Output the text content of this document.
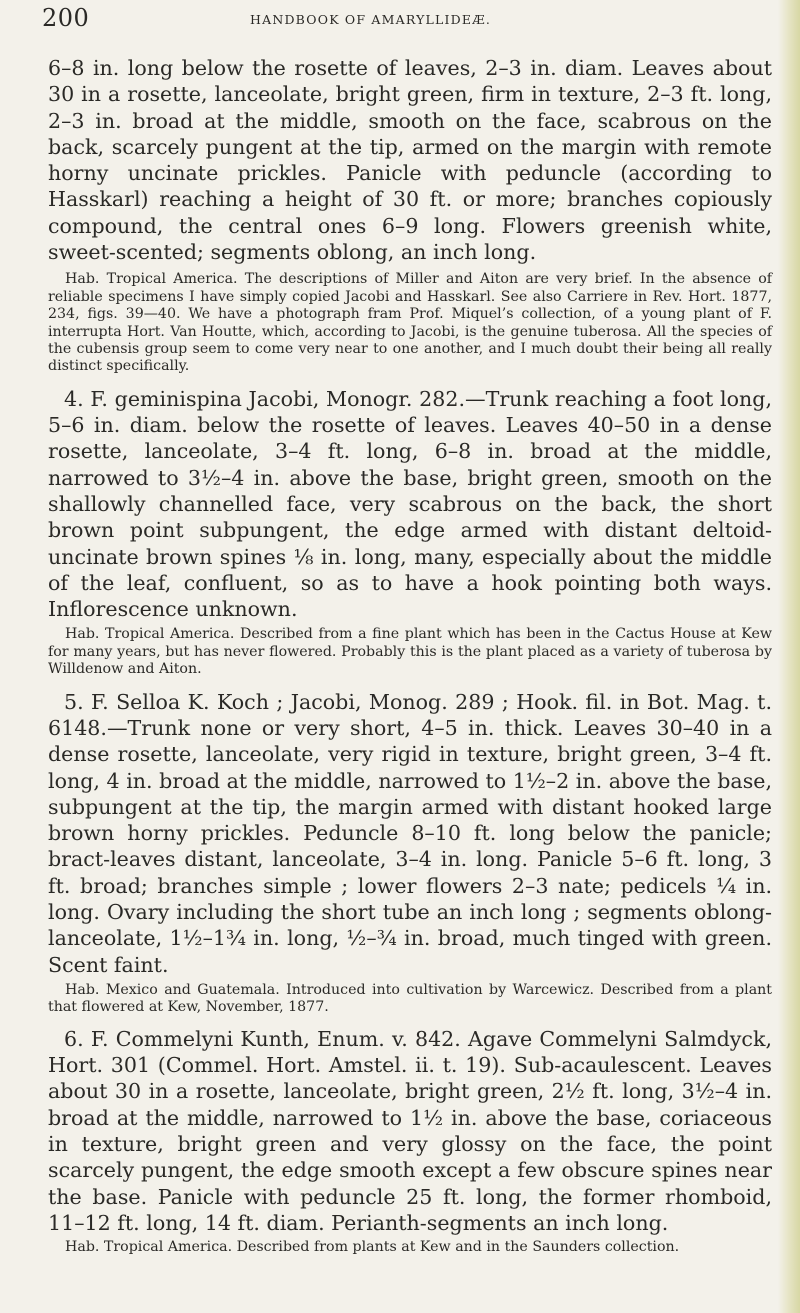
200	HANDBOOK OF AMARYLLIDEÆ.

6–8 in. long below the rosette of leaves, 2–3 in. diam. Leaves about 30 in a rosette, lanceolate, bright green, firm in texture, 2–3 ft. long, 2–3 in. broad at the middle, smooth on the face, scabrous on the back, scarcely pungent at the tip, armed on the margin with remote horny uncinate prickles. Panicle with peduncle (according to Hasskarl) reaching a height of 30 ft. or more; branches copiously compound, the central ones 6–9 long. Flowers greenish white, sweet-scented; segments oblong, an inch long.

Hab. Tropical America. The descriptions of Miller and Aiton are very brief. In the absence of reliable specimens I have simply copied Jacobi and Hasskarl. See also Carriere in Rev. Hort. 1877, 234, figs. 39—40. We have a photograph fram Prof. Miquel’s collection, of a young plant of F. interrupta Hort. Van Houtte, which, according to Jacobi, is the genuine tuberosa. All the species of the cubensis group seem to come very near to one another, and I much doubt their being all really distinct specifically.

4. F. geminispina Jacobi, Monogr. 282.—Trunk reaching a foot long, 5–6 in. diam. below the rosette of leaves. Leaves 40–50 in a dense rosette, lanceolate, 3–4 ft. long, 6–8 in. broad at the middle, narrowed to 3½–4 in. above the base, bright green, smooth on the shallowly channelled face, very scabrous on the back, the short brown point subpungent, the edge armed with distant deltoid-uncinate brown spines ⅛ in. long, many, especially about the middle of the leaf, confluent, so as to have a hook pointing both ways. Inflorescence unknown.

Hab. Tropical America. Described from a fine plant which has been in the Cactus House at Kew for many years, but has never flowered. Probably this is the plant placed as a variety of tuberosa by Willdenow and Aiton.

5. F. Selloa K. Koch ; Jacobi, Monog. 289 ; Hook. fil. in Bot. Mag. t. 6148.—Trunk none or very short, 4–5 in. thick. Leaves 30–40 in a dense rosette, lanceolate, very rigid in texture, bright green, 3–4 ft. long, 4 in. broad at the middle, narrowed to 1½–2 in. above the base, subpungent at the tip, the margin armed with distant hooked large brown horny prickles. Peduncle 8–10 ft. long below the panicle; bract-leaves distant, lanceolate, 3–4 in. long. Panicle 5–6 ft. long, 3 ft. broad; branches simple ; lower flowers 2–3 nate; pedicels ¼ in. long. Ovary including the short tube an inch long ; segments oblong-lanceolate, 1½–1¾ in. long, ½–¾ in. broad, much tinged with green. Scent faint.

Hab. Mexico and Guatemala. Introduced into cultivation by Warcewicz. Described from a plant that flowered at Kew, November, 1877.

6. F. Commelyni Kunth, Enum. v. 842. Agave Commelyni Salmdyck, Hort. 301 (Commel. Hort. Amstel. ii. t. 19). Sub-acaulescent. Leaves about 30 in a rosette, lanceolate, bright green, 2½ ft. long, 3½–4 in. broad at the middle, narrowed to 1½ in. above the base, coriaceous in texture, bright green and very glossy on the face, the point scarcely pungent, the edge smooth except a few obscure spines near the base. Panicle with peduncle 25 ft. long, the former rhomboid, 11–12 ft. long, 14 ft. diam. Perianth-segments an inch long.

Hab. Tropical America. Described from plants at Kew and in the Saunders collection.
